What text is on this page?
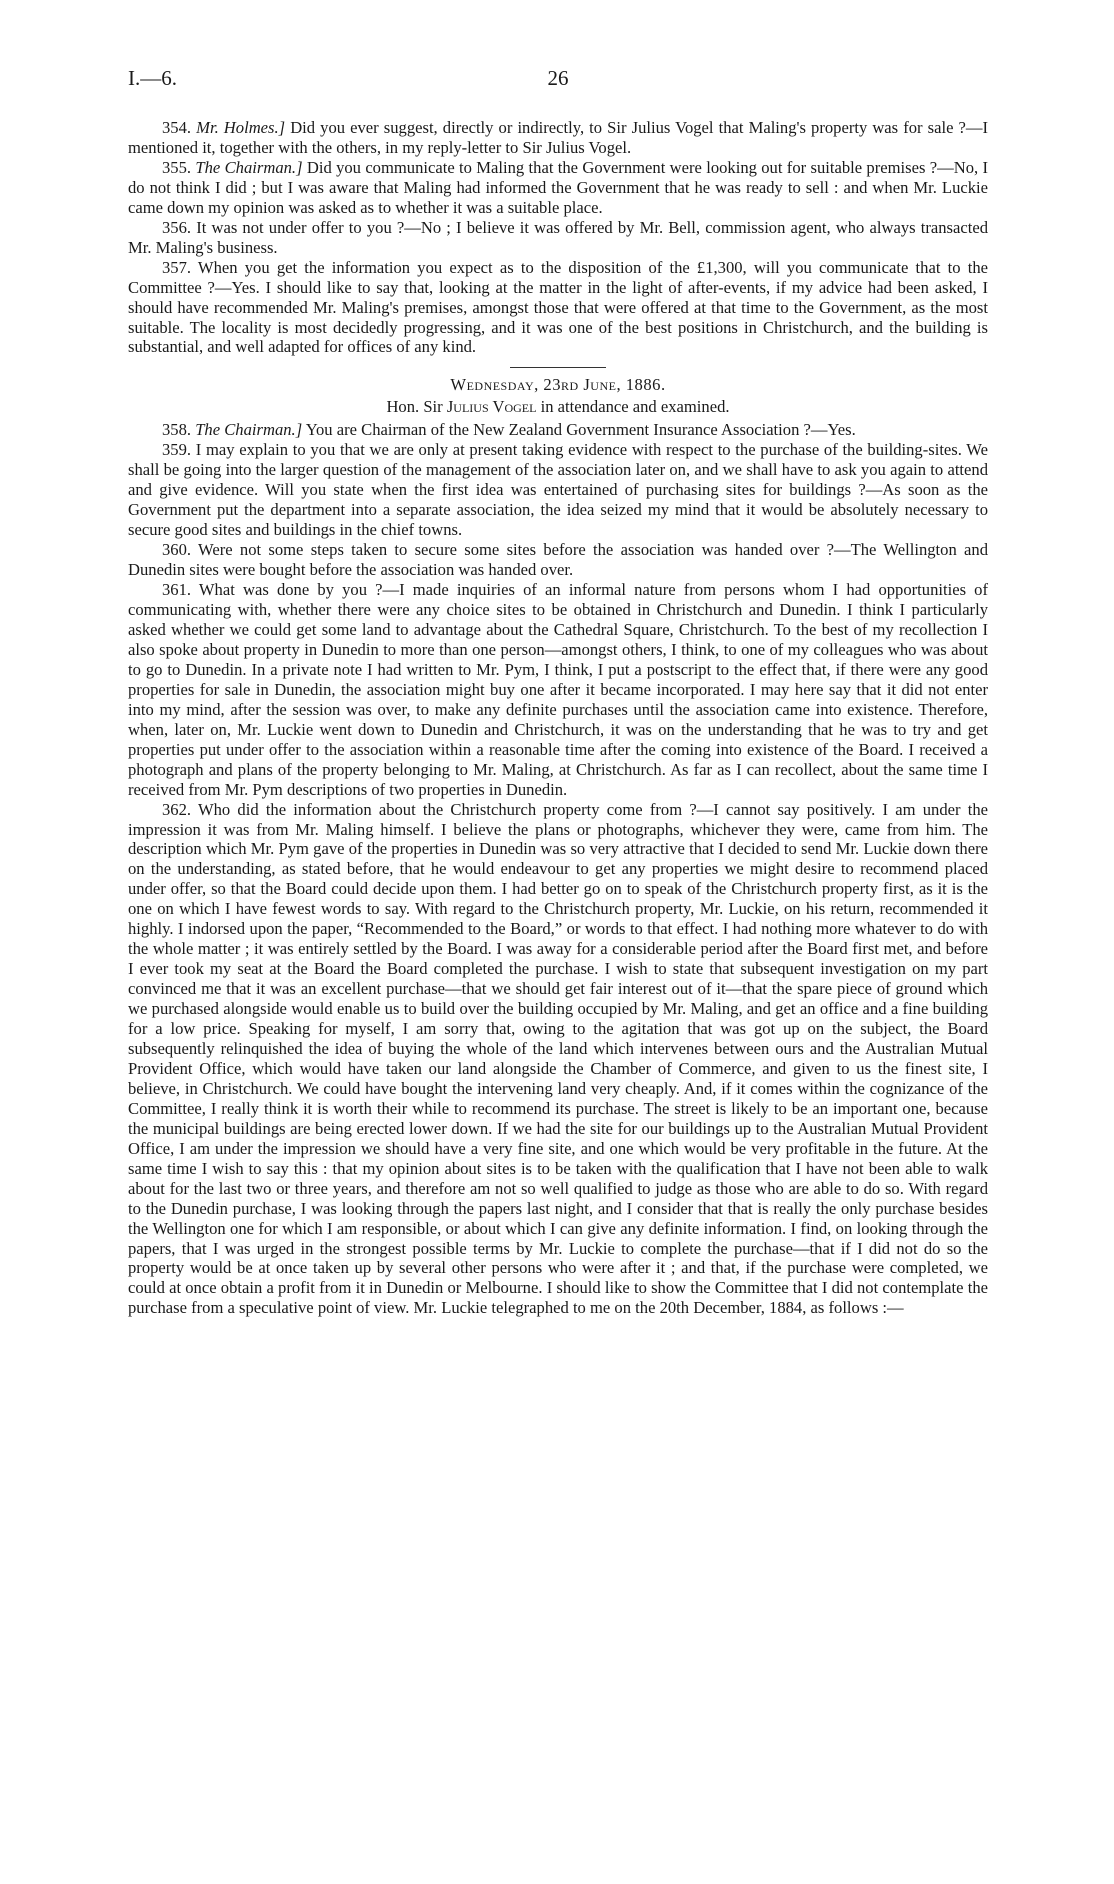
I.—6.	26

354. Mr. Holmes.] Did you ever suggest, directly or indirectly, to Sir Julius Vogel that Maling's property was for sale ?—I mentioned it, together with the others, in my reply-letter to Sir Julius Vogel.

355. The Chairman.] Did you communicate to Maling that the Government were looking out for suitable premises ?—No, I do not think I did ; but I was aware that Maling had informed the Government that he was ready to sell : and when Mr. Luckie came down my opinion was asked as to whether it was a suitable place.

356. It was not under offer to you ?—No ; I believe it was offered by Mr. Bell, commission agent, who always transacted Mr. Maling's business.

357. When you get the information you expect as to the disposition of the £1,300, will you communicate that to the Committee ?—Yes. I should like to say that, looking at the matter in the light of after-events, if my advice had been asked, I should have recommended Mr. Maling's premises, amongst those that were offered at that time to the Government, as the most suitable. The locality is most decidedly progressing, and it was one of the best positions in Christchurch, and the building is substantial, and well adapted for offices of any kind.

Wednesday, 23rd June, 1886.
Hon. Sir Julius Vogel in attendance and examined.

358. The Chairman.] You are Chairman of the New Zealand Government Insurance Association ?—Yes.

359. I may explain to you that we are only at present taking evidence with respect to the purchase of the building-sites. We shall be going into the larger question of the management of the association later on, and we shall have to ask you again to attend and give evidence. Will you state when the first idea was entertained of purchasing sites for buildings ?—As soon as the Government put the department into a separate association, the idea seized my mind that it would be absolutely necessary to secure good sites and buildings in the chief towns.

360. Were not some steps taken to secure some sites before the association was handed over ?—The Wellington and Dunedin sites were bought before the association was handed over.

361. What was done by you ?—I made inquiries of an informal nature from persons whom I had opportunities of communicating with, whether there were any choice sites to be obtained in Christchurch and Dunedin. I think I particularly asked whether we could get some land to advantage about the Cathedral Square, Christchurch. To the best of my recollection I also spoke about property in Dunedin to more than one person—amongst others, I think, to one of my colleagues who was about to go to Dunedin. In a private note I had written to Mr. Pym, I think, I put a postscript to the effect that, if there were any good properties for sale in Dunedin, the association might buy one after it became incorporated. I may here say that it did not enter into my mind, after the session was over, to make any definite purchases until the association came into existence. Therefore, when, later on, Mr. Luckie went down to Dunedin and Christchurch, it was on the understanding that he was to try and get properties put under offer to the association within a reasonable time after the coming into existence of the Board. I received a photograph and plans of the property belonging to Mr. Maling, at Christchurch. As far as I can recollect, about the same time I received from Mr. Pym descriptions of two properties in Dunedin.

362. Who did the information about the Christchurch property come from ?—I cannot say positively. I am under the impression it was from Mr. Maling himself. I believe the plans or photographs, whichever they were, came from him. The description which Mr. Pym gave of the properties in Dunedin was so very attractive that I decided to send Mr. Luckie down there on the understanding, as stated before, that he would endeavour to get any properties we might desire to recommend placed under offer, so that the Board could decide upon them. I had better go on to speak of the Christchurch property first, as it is the one on which I have fewest words to say. With regard to the Christchurch property, Mr. Luckie, on his return, recommended it highly. I indorsed upon the paper, “Recommended to the Board,” or words to that effect. I had nothing more whatever to do with the whole matter ; it was entirely settled by the Board. I was away for a considerable period after the Board first met, and before I ever took my seat at the Board the Board completed the purchase. I wish to state that subsequent investigation on my part convinced me that it was an excellent purchase—that we should get fair interest out of it—that the spare piece of ground which we purchased alongside would enable us to build over the building occupied by Mr. Maling, and get an office and a fine building for a low price. Speaking for myself, I am sorry that, owing to the agitation that was got up on the subject, the Board subsequently relinquished the idea of buying the whole of the land which intervenes between ours and the Australian Mutual Provident Office, which would have taken our land alongside the Chamber of Commerce, and given to us the finest site, I believe, in Christchurch. We could have bought the intervening land very cheaply. And, if it comes within the cognizance of the Committee, I really think it is worth their while to recommend its purchase. The street is likely to be an important one, because the municipal buildings are being erected lower down. If we had the site for our buildings up to the Australian Mutual Provident Office, I am under the impression we should have a very fine site, and one which would be very profitable in the future. At the same time I wish to say this : that my opinion about sites is to be taken with the qualification that I have not been able to walk about for the last two or three years, and therefore am not so well qualified to judge as those who are able to do so. With regard to the Dunedin purchase, I was looking through the papers last night, and I consider that that is really the only purchase besides the Wellington one for which I am responsible, or about which I can give any definite information. I find, on looking through the papers, that I was urged in the strongest possible terms by Mr. Luckie to complete the purchase—that if I did not do so the property would be at once taken up by several other persons who were after it ; and that, if the purchase were completed, we could at once obtain a profit from it in Dunedin or Melbourne. I should like to show the Committee that I did not contemplate the purchase from a speculative point of view. Mr. Luckie telegraphed to me on the 20th December, 1884, as follows :—
